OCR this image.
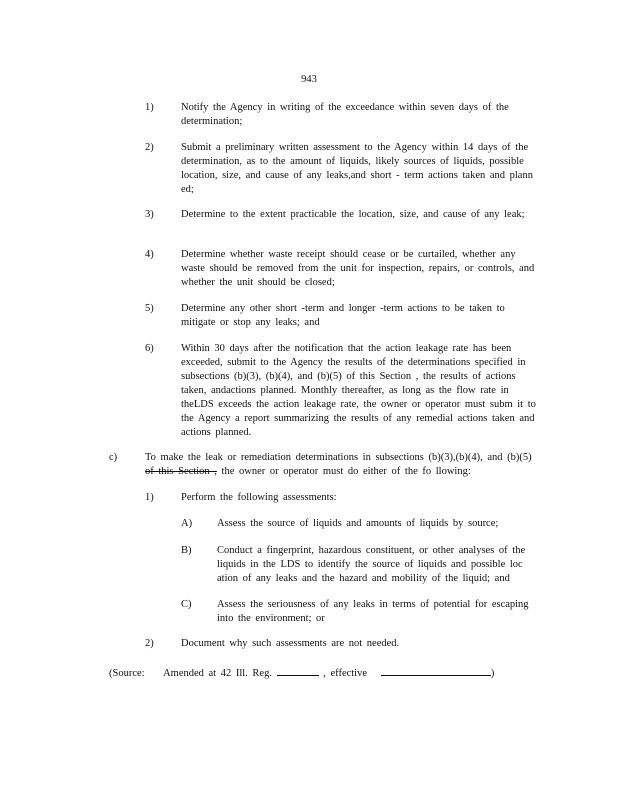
943
1)	Notify the Agency in writing of the exceedance within seven days of the determination;
2)	Submit a preliminary written assessment to the Agency within 14 days of the determination, as to the amount of liquids, likely sources of liquids, possible location, size, and cause of any leaks,and short - term actions taken and plann ed;
3)	Determine to the extent practicable the location, size, and cause of any leak;
4)	Determine whether waste receipt should cease or be curtailed, whether any waste should be removed from the unit for inspection, repairs, or controls, and whether the unit should be closed;
5)	Determine any other short -term and longer -term actions to be taken to mitigate or stop any leaks; and
6)	Within 30 days after the notification that the action leakage rate has been exceeded, submit to the Agency the results of the determinations specified in subsections (b)(3), (b)(4), and (b)(5) of this Section , the results of actions taken, andactions planned. Monthly thereafter, as long as the flow rate in theLDS exceeds the action leakage rate, the owner or operator must subm it to the Agency a report summarizing the results of any remedial actions taken and actions planned.
c)	To make the leak or remediation determinations in subsections (b)(3),(b)(4), and (b)(5) of this Section , the owner or operator must do either of the fo llowing:
1)	Perform the following assessments:
A) Assess the source of liquids and amounts of liquids by source;
B) Conduct a fingerprint, hazardous constituent, or other analyses of the liquids in the LDS to identify the source of liquids and possible loc ation of any leaks and the hazard and mobility of the liquid; and
C) Assess the seriousness of any leaks in terms of potential for escaping into the environment; or
2)	Document why such assessments are not needed.
(Source: Amended at 42 Ill. Reg.	, effective	)
